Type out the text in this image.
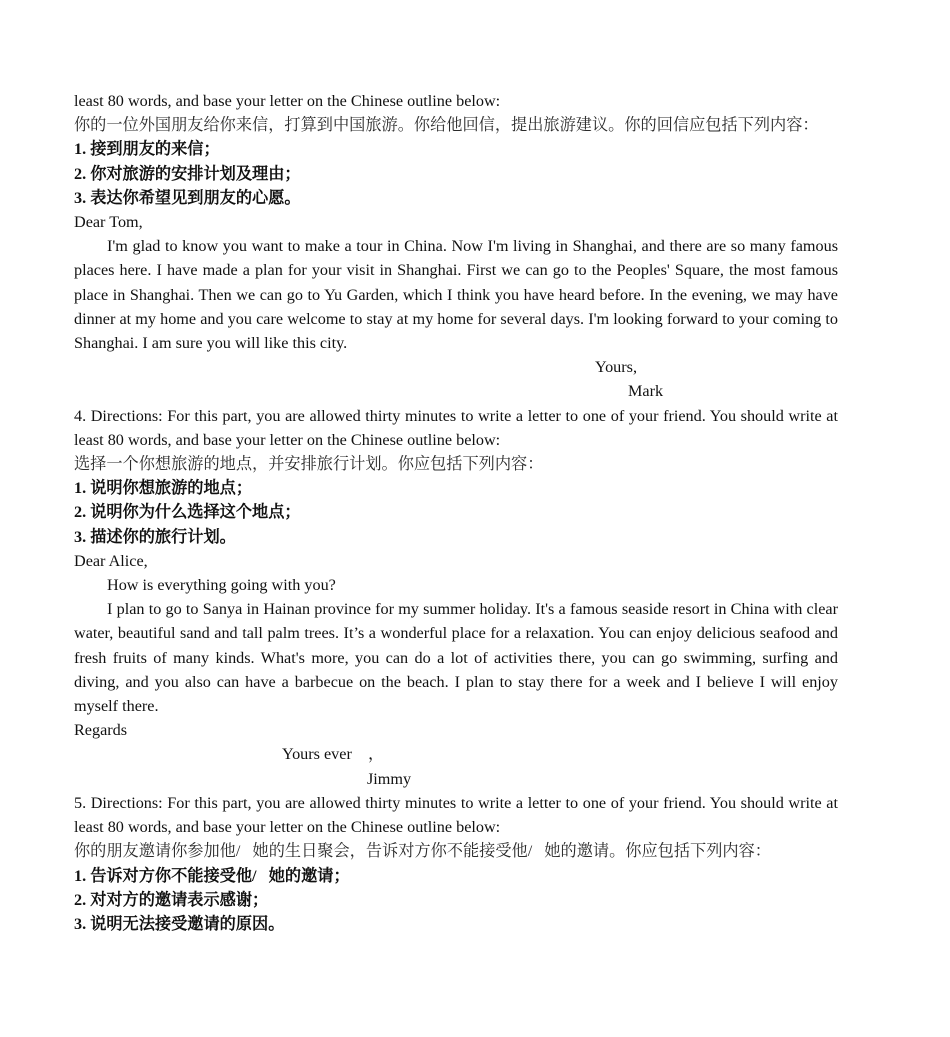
least 80 words, and base your letter on the Chinese outline below:
你的一位外国朋友给你来信，打算到中国旅游。你给他回信，提出旅游建议。你的回信应包括下列内容：
1. 接到朋友的来信；
2. 你对旅游的安排计划及理由；
3. 表达你希望见到朋友的心愿。
Dear Tom,
I'm glad to know you want to make a tour in China. Now I'm living in Shanghai, and there are so many famous places here. I have made a plan for your visit in Shanghai. First we can go to the Peoples' Square, the most famous place in Shanghai. Then we can go to Yu Garden, which I think you have heard before. In the evening, we may have dinner at my home and you care welcome to stay at my home for several days. I'm looking forward to your coming to Shanghai. I am sure you will like this city.
Yours,
Mark
4. Directions: For this part, you are allowed thirty minutes to write a letter to one of your friend. You should write at least 80 words, and base your letter on the Chinese outline below:
选择一个你想旅游的地点，并安排旅行计划。你应包括下列内容：
1. 说明你想旅游的地点；
2. 说明你为什么选择这个地点；
3. 描述你的旅行计划。
Dear Alice,
How is everything going with you?
I plan to go to Sanya in Hainan province for my summer holiday. It's a famous seaside resort in China with clear water, beautiful sand and tall palm trees. It’s a wonderful place for a relaxation. You can enjoy delicious seafood and fresh fruits of many kinds. What's more, you can do a lot of activities there, you can go swimming, surfing and diving, and you also can have a barbecue on the beach. I plan to stay there for a week and I believe I will enjoy myself there.
Regards
Yours ever    ，
Jimmy
5. Directions: For this part, you are allowed thirty minutes to write a letter to one of your friend. You should write at least 80 words, and base your letter on the Chinese outline below:
你的朋友邀请你参加他/   她的生日聚会，告诉对方你不能接受他/   她的邀请。你应包括下列内容：
1. 告诉对方你不能接受他/   她的邀请；
2. 对对方的邀请表示感谢；
3. 说明无法接受邀请的原因。
